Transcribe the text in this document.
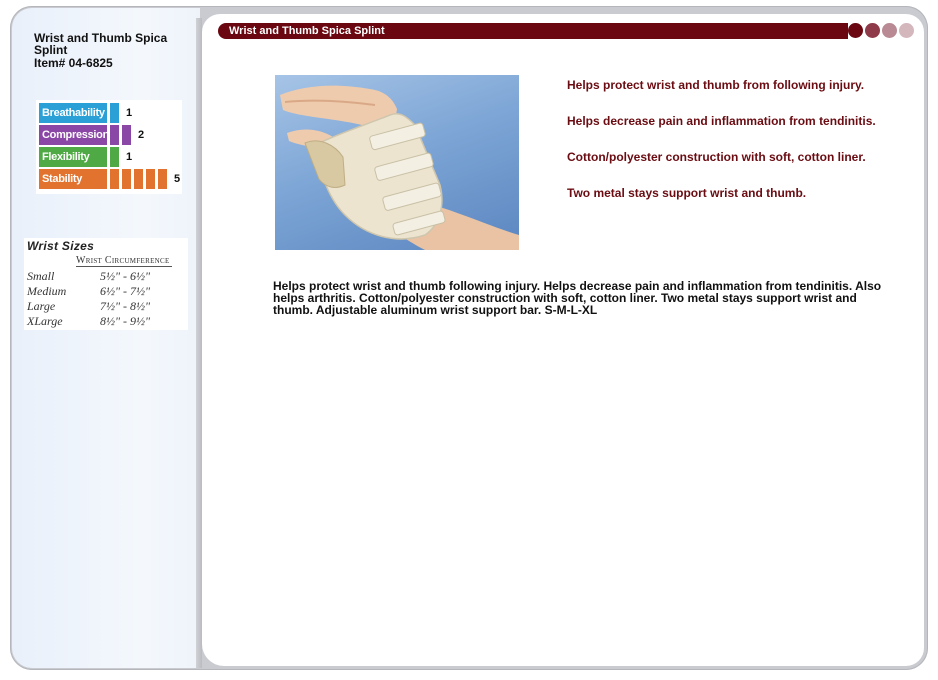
Wrist and Thumb Spica Splint
Item# 04-6825
Breathability 1
Compression	2
Flexibility	1
Stability	5
Wrist Sizes
Wrist Circumference
Small	5½" - 6½"
Medium	6½" - 7½"
Large	7½" - 8½"
XLarge	8½" - 9½"
Wrist and Thumb Spica Splint
Helps protect wrist and thumb from following injury.
Helps decrease pain and inflammation from tendinitis.
Cotton/polyester construction with soft, cotton liner.
Two metal stays support wrist and thumb.
Helps protect wrist and thumb following injury. Helps decrease pain and inflammation from tendinitis. Also helps arthritis. Cotton/polyester construction with soft, cotton liner. Two metal stays support wrist and thumb. Adjustable aluminum wrist support bar. S-M-L-XL
